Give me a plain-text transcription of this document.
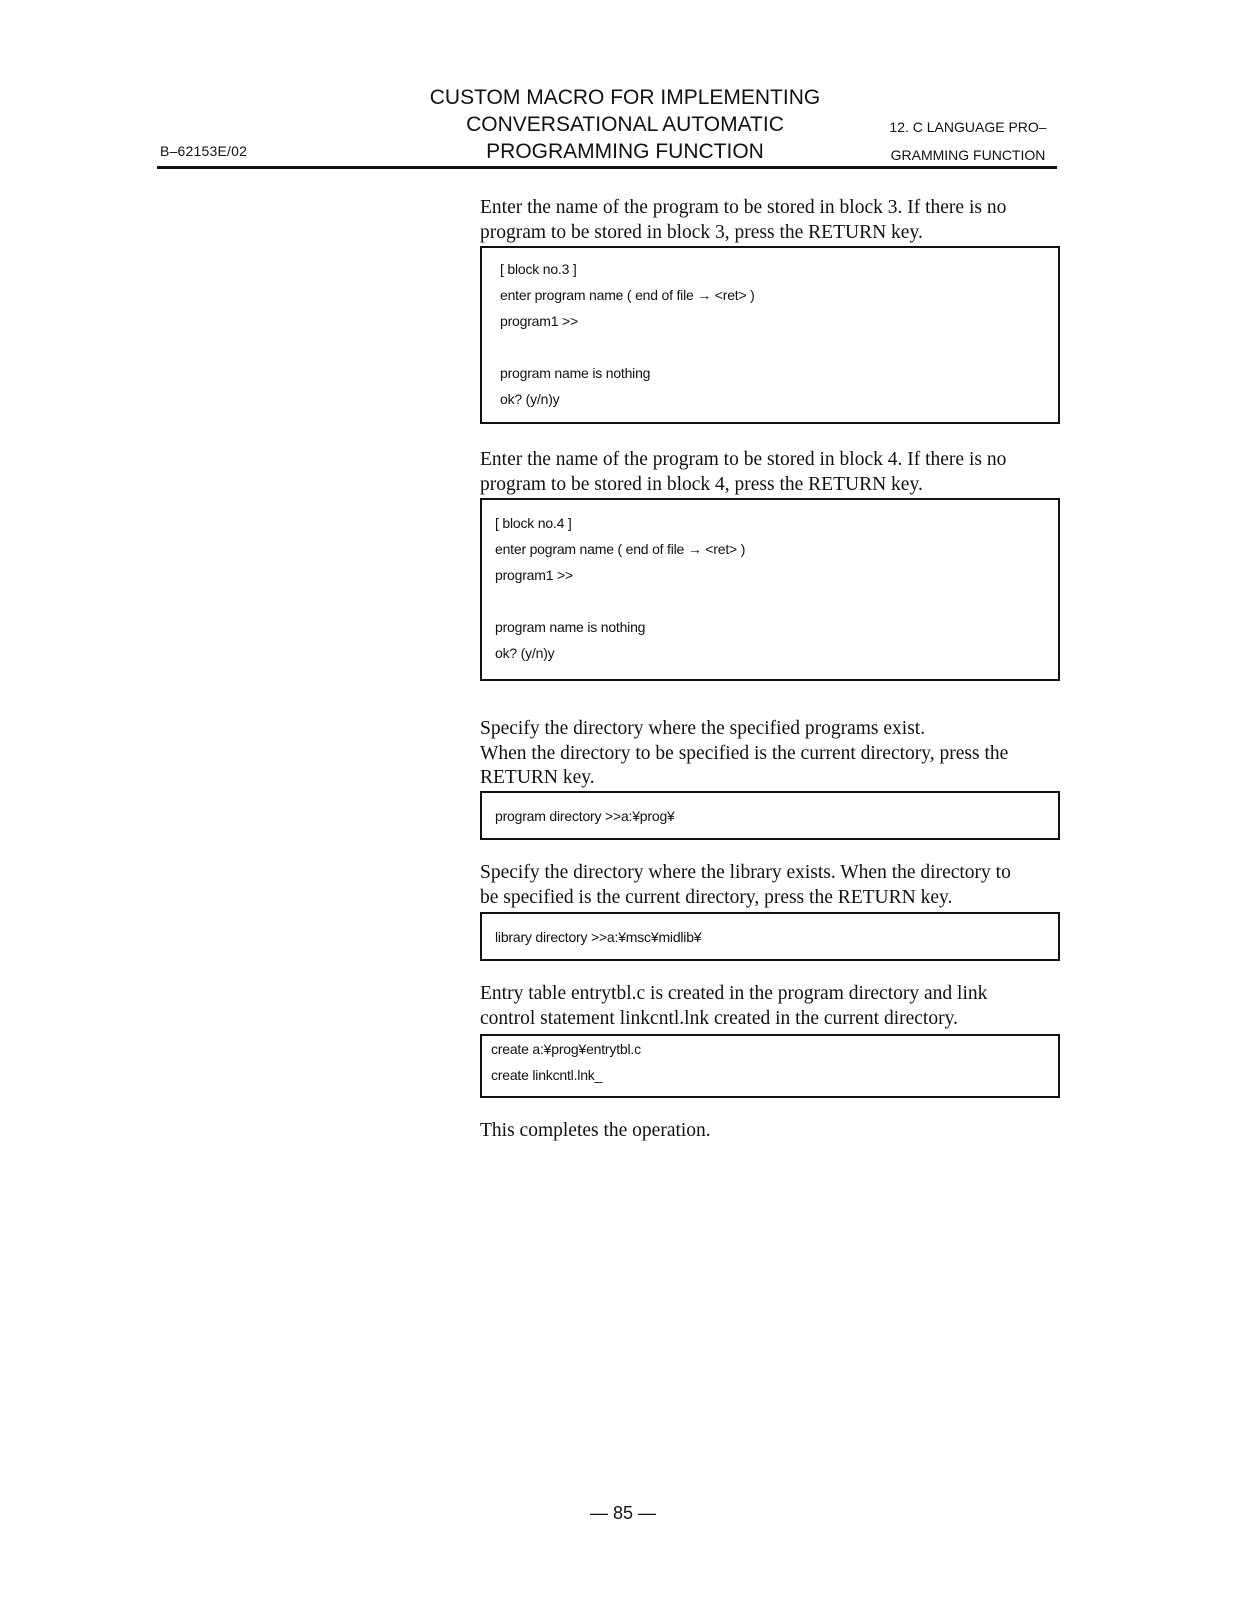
B–62153E/02
CUSTOM MACRO FOR IMPLEMENTING
CONVERSATIONAL AUTOMATIC
PROGRAMMING FUNCTION
12. C LANGUAGE PRO–
GRAMMING FUNCTION
Enter the name of the program to be stored in block 3. If there is no
program to be stored in block 3, press the RETURN key.
[ block no.3 ]
enter program name ( end of file → <ret> )
program1 >>
program name is nothing
ok? (y/n)y
Enter the name of the program to be stored in block 4. If there is no
program to be stored in block 4, press the RETURN key.
[ block no.4 ]
enter pogram name ( end of file → <ret> )
program1 >>
program name is nothing
ok? (y/n)y
Specify the directory where the specified programs exist.
When the directory to be specified is the current directory, press the
RETURN key.
program directory >>a:¥prog¥
Specify the directory where the library exists. When the directory to
be specified is the current directory, press the RETURN key.
library directory >>a:¥msc¥midlib¥
Entry table entrytbl.c is created in the program directory and link
control statement linkcntl.lnk created in the current directory.
create a:¥prog¥entrytbl.c
create linkcntl.lnk_
This completes the operation.
— 85 —
